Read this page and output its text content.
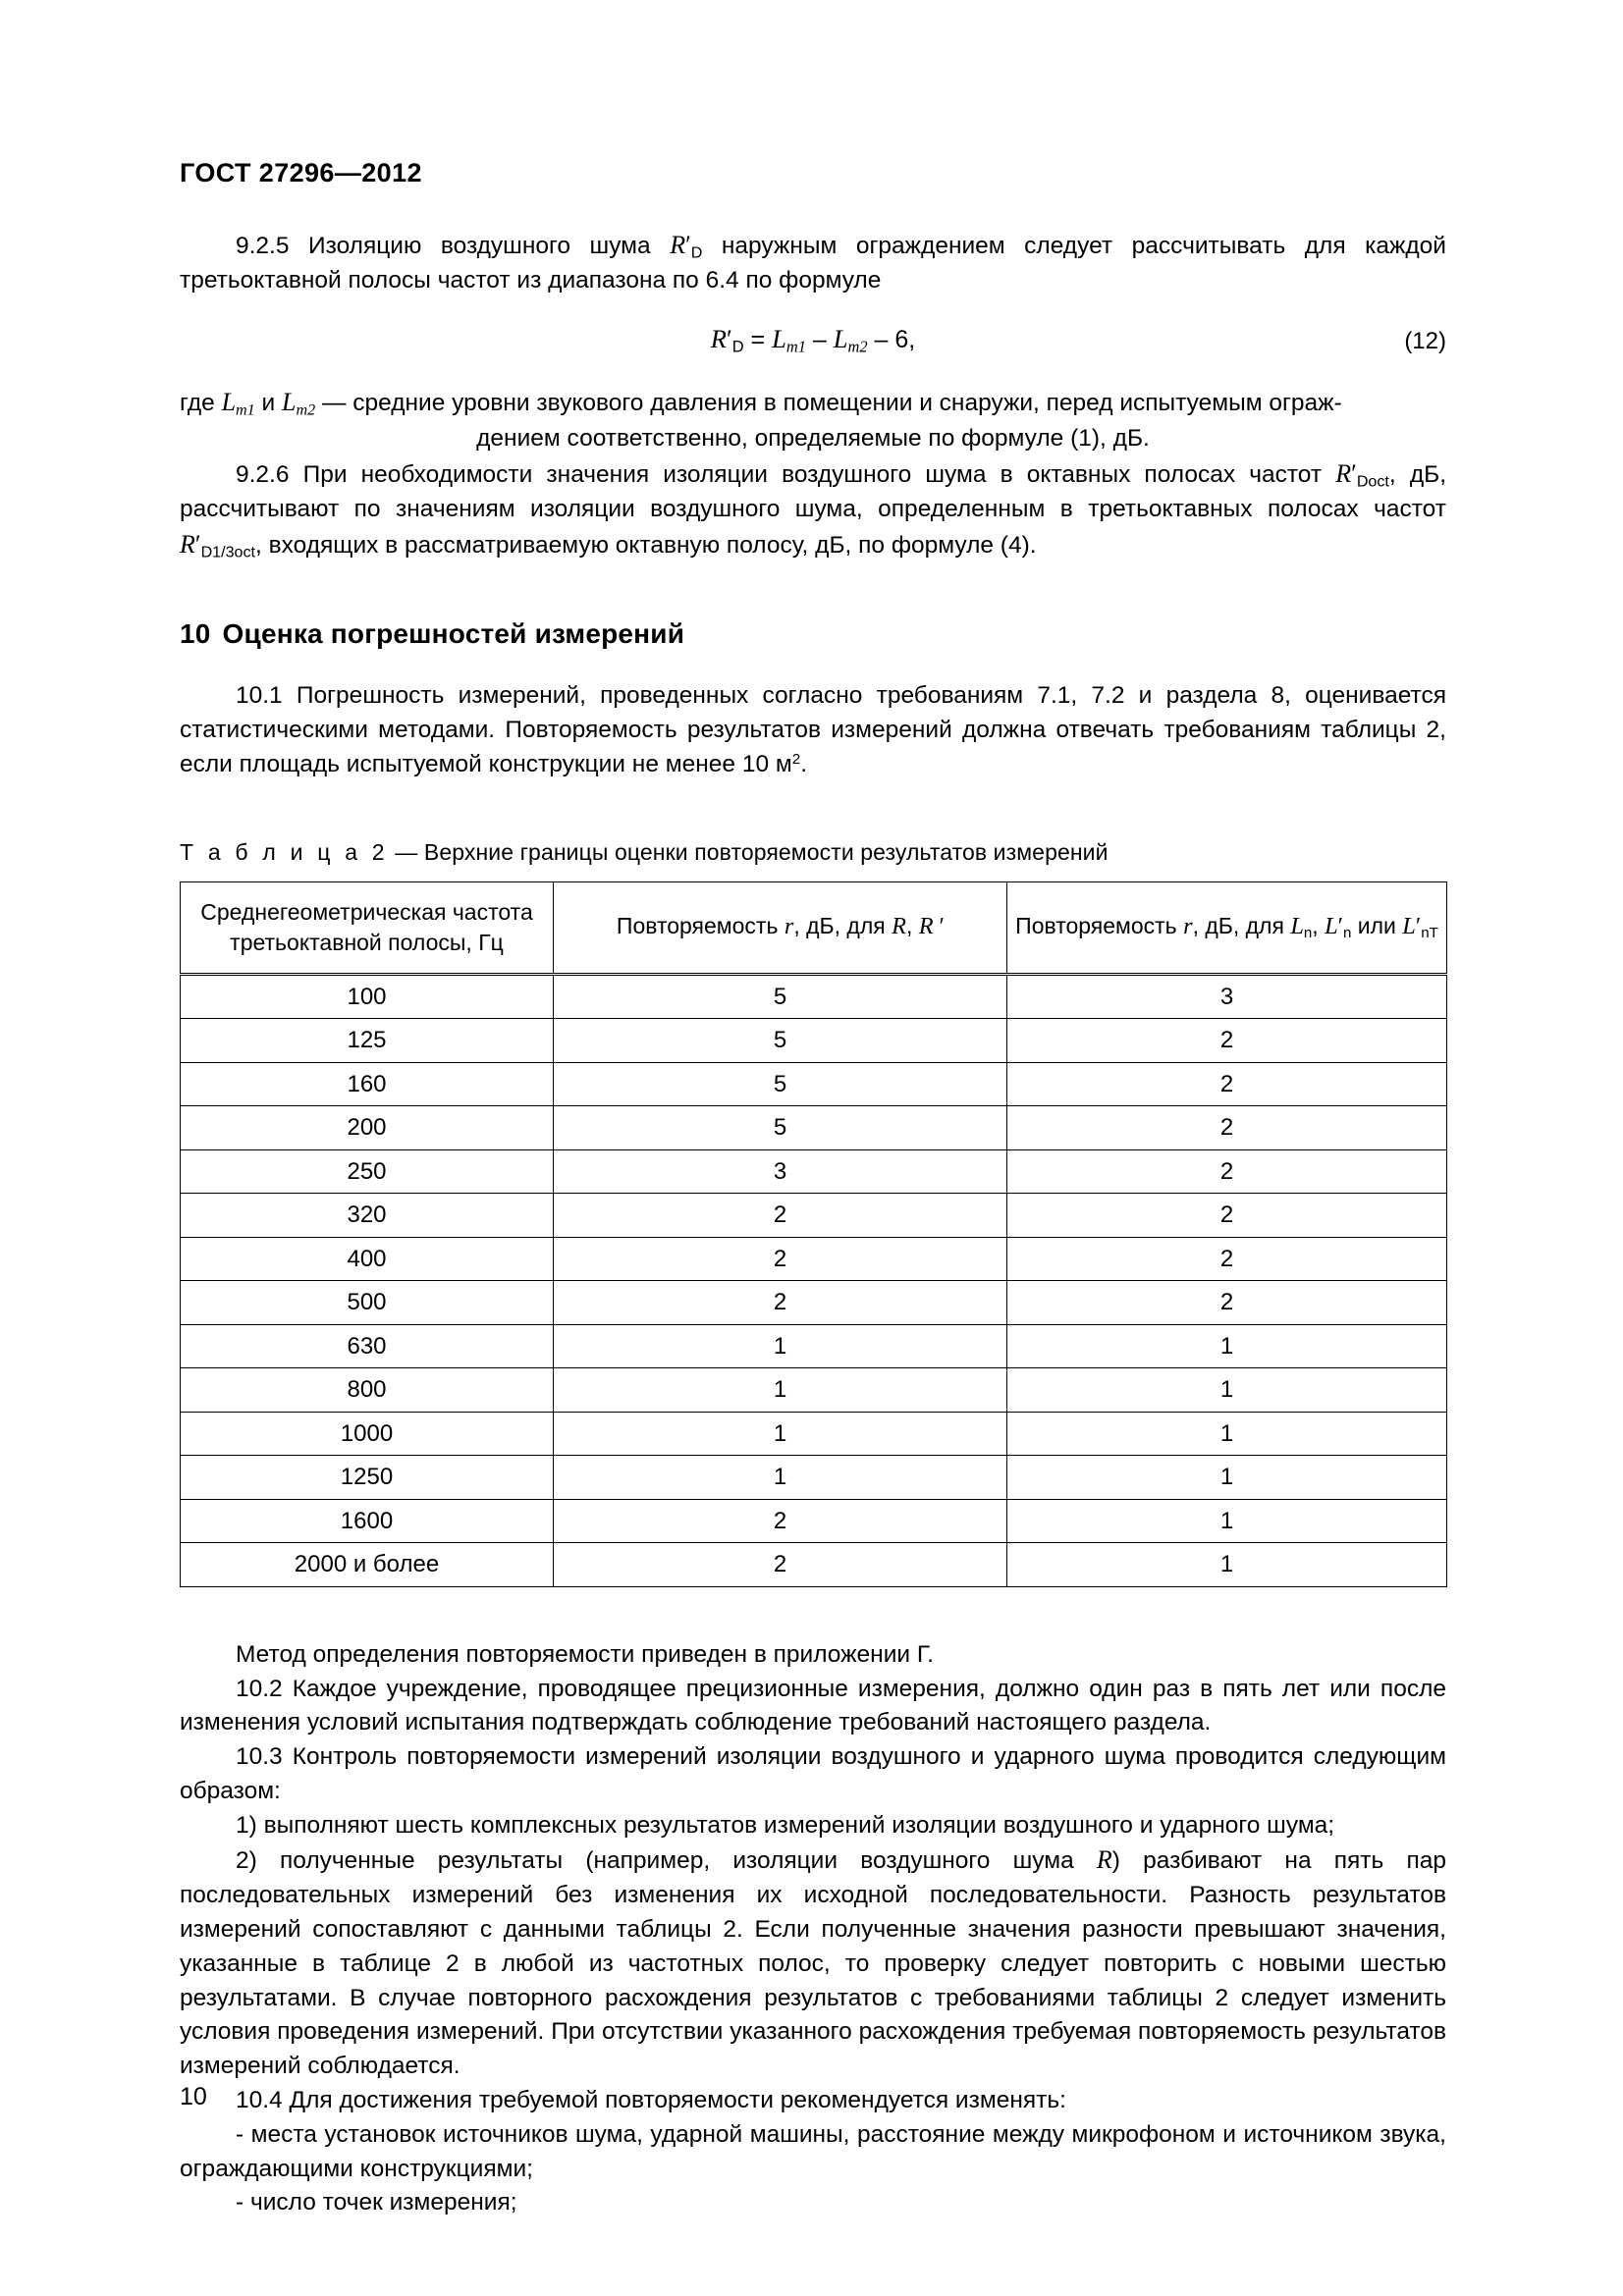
ГОСТ 27296—2012

9.2.5 Изоляцию воздушного шума $R'_D$ наружным ограждением следует рассчитывать для каждой третьоктавной полосы частот из диапазона по 6.4 по формуле

$R'_D = L_{m1} - L_{m2} - 6$,	(12)

где $L_{m1}$ и $L_{m2}$ — средние уровни звукового давления в помещении и снаружи, перед испытуемым ограж-

дением соответственно, определяемые по формуле (1), дБ.

9.2.6 При необходимости значения изоляции воздушного шума в октавных полосах частот $R'_{Doct}$, дБ, рассчитывают по значениям изоляции воздушного шума, определенным в третьоктавных полосах частот $R'_{D1/3oct}$, входящих в рассматриваемую октавную полосу, дБ, по формуле (4).

10 Оценка погрешностей измерений

10.1 Погрешность измерений, проведенных согласно требованиям 7.1, 7.2 и раздела 8, оценивается статистическими методами. Повторяемость результатов измерений должна отвечать требованиям таблицы 2, если площадь испытуемой конструкции не менее 10 $м^2$.

Т а б л и ц а 2 — Верхние границы оценки повторяемости результатов измерений
Среднегеометрическая частота
третьоктавной полосы, Гц	Повторяемость r, дБ, для R, R ′	Повторяемость r, дБ, для $L_n$, $L'_n$ или $L'_{nT}$
100	5	3
125	5	2
160	5	2
200	5	2
250	3	2
320	2	2
400	2	2
500	2	2
630	1	1
800	1	1
1000	1	1
1250	1	1
1600	2	1
2000 и более	2	1

Метод определения повторяемости приведен в приложении Г.

10.2 Каждое учреждение, проводящее прецизионные измерения, должно один раз в пять лет или после изменения условий испытания подтверждать соблюдение требований настоящего раздела.

10.3 Контроль повторяемости измерений изоляции воздушного и ударного шума проводится следующим образом:

1) выполняют шесть комплексных результатов измерений изоляции воздушного и ударного шума;

2) полученные результаты (например, изоляции воздушного шума R) разбивают на пять пар последовательных измерений без изменения их исходной последовательности. Разность результатов измерений сопоставляют с данными таблицы 2. Если полученные значения разности превышают значения, указанные в таблице 2 в любой из частотных полос, то проверку следует повторить с новыми шестью результатами. В случае повторного расхождения результатов с требованиями таблицы 2 следует изменить условия проведения измерений. При отсутствии указанного расхождения требуемая повторяемость результатов измерений соблюдается.

10.4 Для достижения требуемой повторяемости рекомендуется изменять:

- места установок источников шума, ударной машины, расстояние между микрофоном и источником звука, ограждающими конструкциями;

- число точек измерения;

10
